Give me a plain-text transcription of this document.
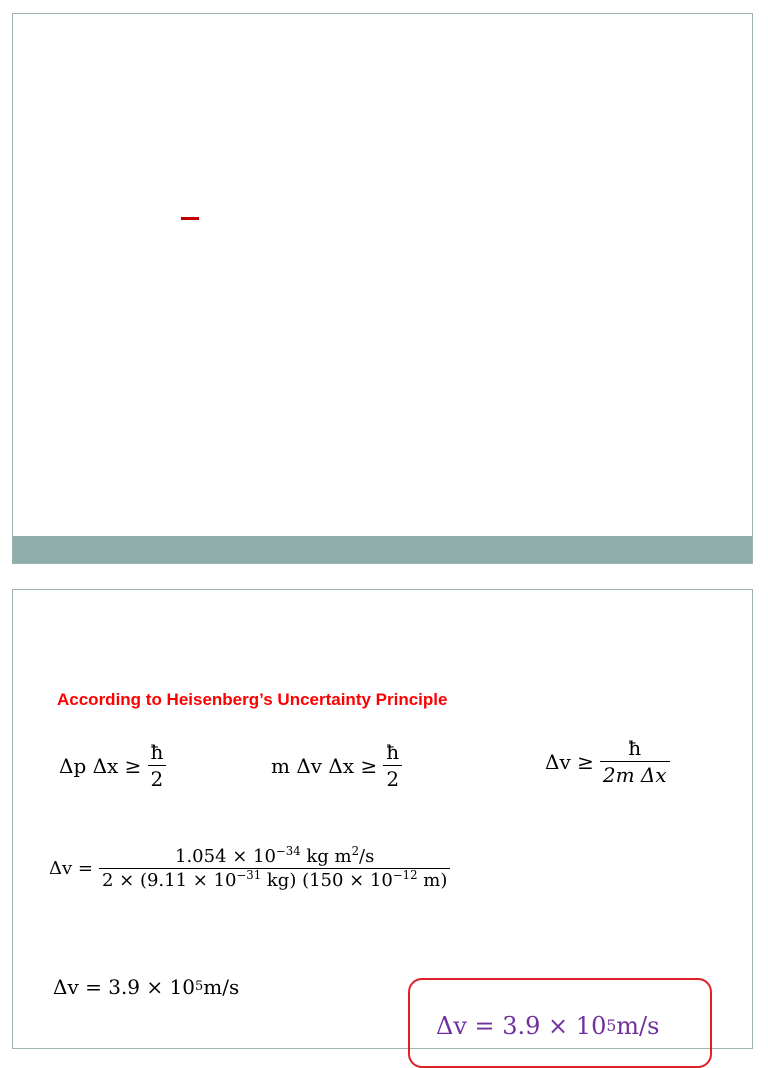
According to Heisenberg’s Uncertainty Principle
Δp $\Delta x \ge \frac{ħ}{2}$	m Δv $\Delta x \ge \frac{ħ}{2}$	$\Delta v \ge \frac{ħ}{\text{2m Δx}}$
$\Delta v = \frac{1.054 \times 10^{-34} kg m^2/s}{2 \times (9.11 \times 10^{-31} kg) (150 \times 10^{-12} m)}$
Δv = 3.9 × 10 5 m/s
Δv = 3.9 × 10 5 m/s
